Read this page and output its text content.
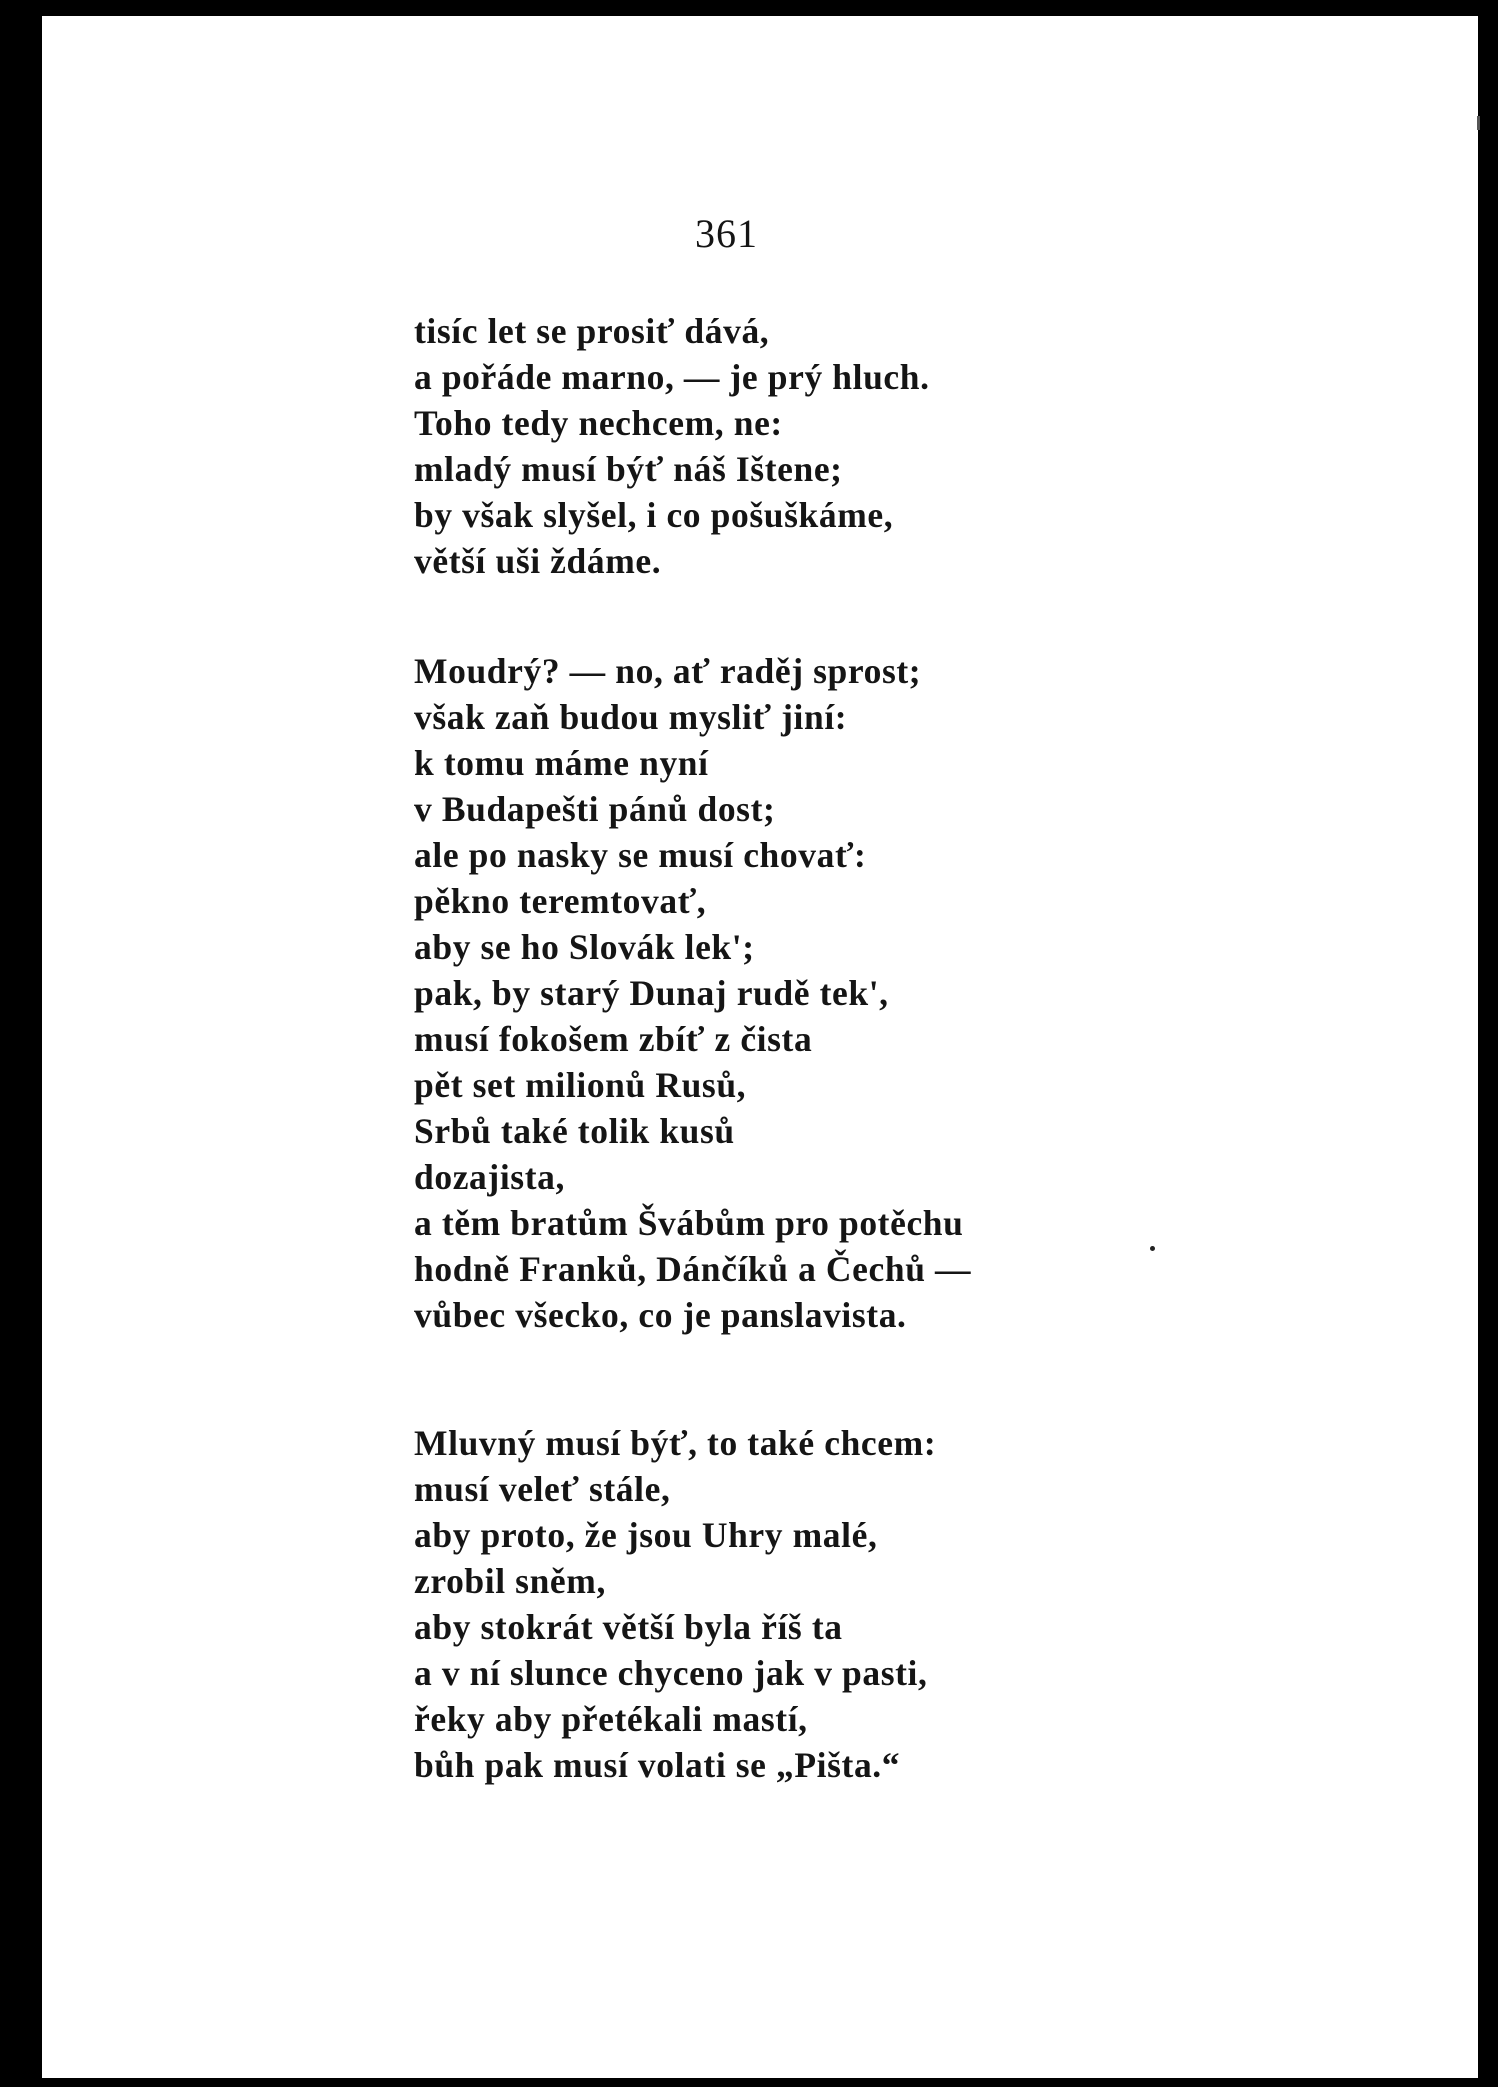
361
tisíc let se prosiť dává,
a pořáde marno, — je prý hluch.
Toho tedy nechcem, ne:
mladý musí býť náš Ištene;
by však slyšel, i co pošuškáme,
větší uši ždáme.
Moudrý? — no, ať raděj sprost;
však zaň budou mysliť jiní:
k tomu máme nyní
v Budapešti pánů dost;
ale po nasky se musí chovať:
pěkno teremtovať,
aby se ho Slovák lek';
pak, by starý Dunaj rudě tek',
musí fokošem zbíť z čista
pět set milionů Rusů,
Srbů také tolik kusů
dozajista,
a těm bratům Švábům pro potěchu
hodně Franků, Dánčíků a Čechů —
vůbec všecko, co je panslavista.
Mluvný musí býť, to také chcem:
musí veleť stále,
aby proto, že jsou Uhry malé,
zrobil sněm,
aby stokrát větší byla říš ta
a v ní slunce chyceno jak v pasti,
řeky aby přetékali mastí,
bůh pak musí volati se „Pišta.“
